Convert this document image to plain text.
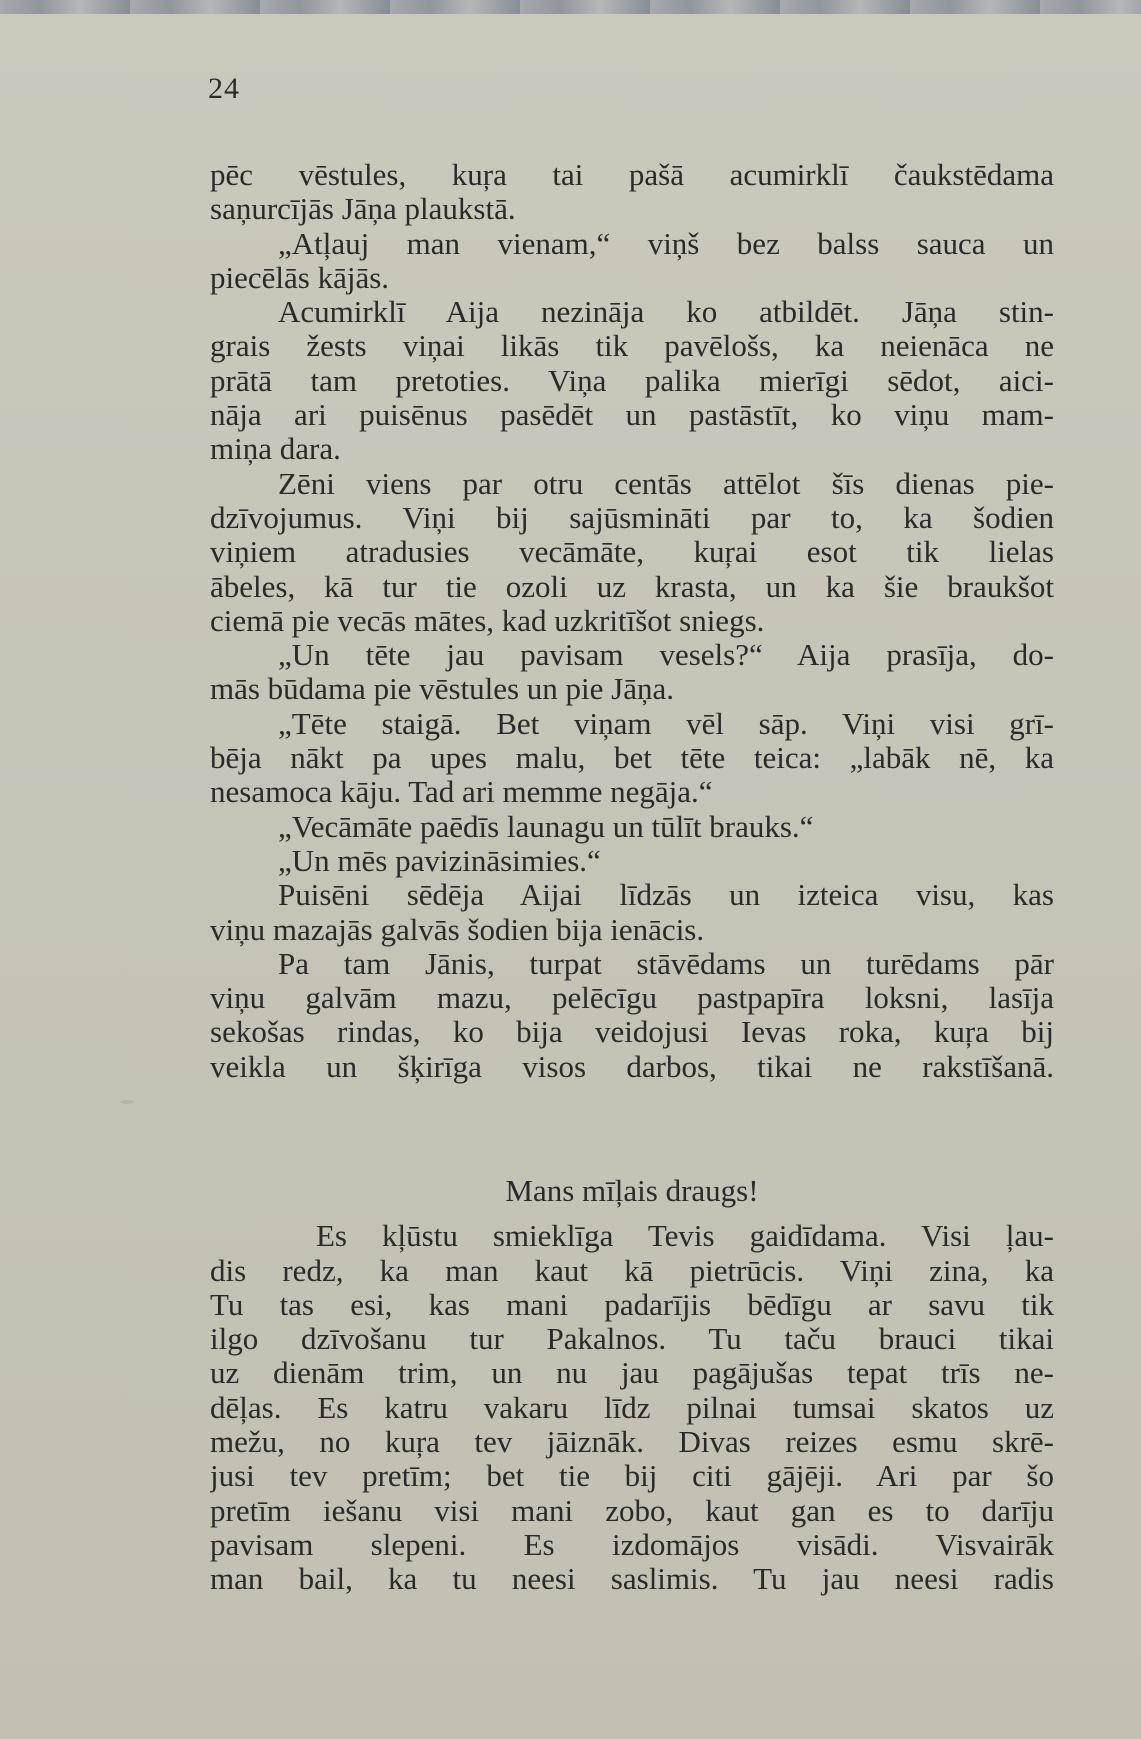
24
pēc vēstules, kuŗa tai pašā acumirklī čaukstēdama
saņurcījās Jāņa plaukstā.
„Atļauj man vienam,“ viņš bez balss sauca un
piecēlās kājās.
Acumirklī Aija nezināja ko atbildēt. Jāņa stin-
grais žests viņai likās tik pavēlošs, ka neienāca ne
prātā tam pretoties. Viņa palika mierīgi sēdot, aici-
nāja ari puisēnus pasēdēt un pastāstīt, ko viņu mam-
miņa dara.
Zēni viens par otru centās attēlot šīs dienas pie-
dzīvojumus. Viņi bij sajūsmināti par to, ka šodien
viņiem atradusies vecāmāte, kuŗai esot tik lielas
ābeles, kā tur tie ozoli uz krasta, un ka šie braukšot
ciemā pie vecās mātes, kad uzkritīšot sniegs.
„Un tēte jau pavisam vesels?“ Aija prasīja, do-
mās būdama pie vēstules un pie Jāņa.
„Tēte staigā. Bet viņam vēl sāp. Viņi visi grī-
bēja nākt pa upes malu, bet tēte teica: „labāk nē, ka
nesamoca kāju. Tad ari memme negāja.“
„Vecāmāte paēdīs launagu un tūlīt brauks.“
„Un mēs pavizināsimies.“
Puisēni sēdēja Aijai līdzās un izteica visu, kas
viņu mazajās galvās šodien bija ienācis.
Pa tam Jānis, turpat stāvēdams un turēdams pār
viņu galvām mazu, pelēcīgu pastpapīra loksni, lasīja
sekošas rindas, ko bija veidojusi Ievas roka, kuŗa bij
veikla un šķirīga visos darbos, tikai ne rakstīšanā.
Mans mīļais draugs!
Es kļūstu smieklīga Tevis gaidīdama. Visi ļau-
dis redz, ka man kaut kā pietrūcis. Viņi zina, ka
Tu tas esi, kas mani padarījis bēdīgu ar savu tik
ilgo dzīvošanu tur Pakalnos. Tu taču brauci tikai
uz dienām trim, un nu jau pagājušas tepat trīs ne-
dēļas. Es katru vakaru līdz pilnai tumsai skatos uz
mežu, no kuŗa tev jāiznāk. Divas reizes esmu skrē-
jusi tev pretīm; bet tie bij citi gājēji. Ari par šo
pretīm iešanu visi mani zobo, kaut gan es to darīju
pavisam slepeni. Es izdomājos visādi. Visvairāk
man bail, ka tu neesi saslimis. Tu jau neesi radis
